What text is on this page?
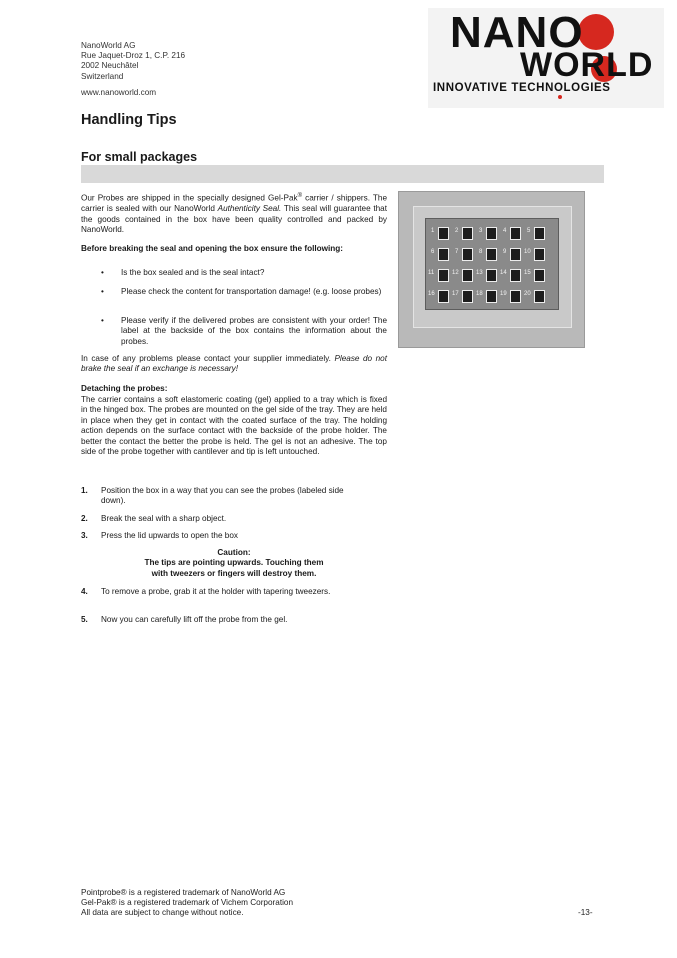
NanoWorld AG
Rue Jaquet-Droz 1, C.P. 216
2002 Neuchâtel
Switzerland
www.nanoworld.com
NANO
WORLD
INNOVATIVE TECHNOLOGIES
Handling Tips
For small packages
Our Probes are shipped in the specially designed Gel-Pak® carrier / shippers. The carrier is sealed with our NanoWorld Authenticity Seal. This seal will guarantee that the goods contained in the box have been quality controlled and packed by NanoWorld.
Before breaking the seal and opening the box ensure the following:
• Is the box sealed and is the seal intact?
• Please check the content for transportation damage! (e.g. loose probes)
• Please verify if the delivered probes are consistent with your order! The label at the backside of the box contains the information about the probes.
In case of any problems please contact your supplier immediately. Please do not brake the seal if an exchange is necessary!
Detaching the probes:
The carrier contains a soft elastomeric coating (gel) applied to a tray which is fixed in the hinged box. The probes are mounted on the gel side of the tray. They are held in place when they get in contact with the coated surface of the tray. The holding action depends on the surface contact with the backside of the probe holder. The better the contact the better the probe is held. The gel is not an adhesive. The top side of the probe together with cantilever and tip is left untouched.
1. Position the box in a way that you can see the probes (labeled side down).
2. Break the seal with a sharp object.
3. Press the lid upwards to open the box
Caution:
The tips are pointing upwards. Touching them
with tweezers or fingers will destroy them.
4. To remove a probe, grab it at the holder with tapering tweezers.
5. Now you can carefully lift off the probe from the gel.
1	2	3	4	5
6	7	8	9	10
11	12	13	14	15
16	17	18	19	20
Pointprobe® is a registered trademark of NanoWorld AG
Gel-Pak® is a registered trademark of Vichem Corporation
All data are subject to change without notice.	-13-
